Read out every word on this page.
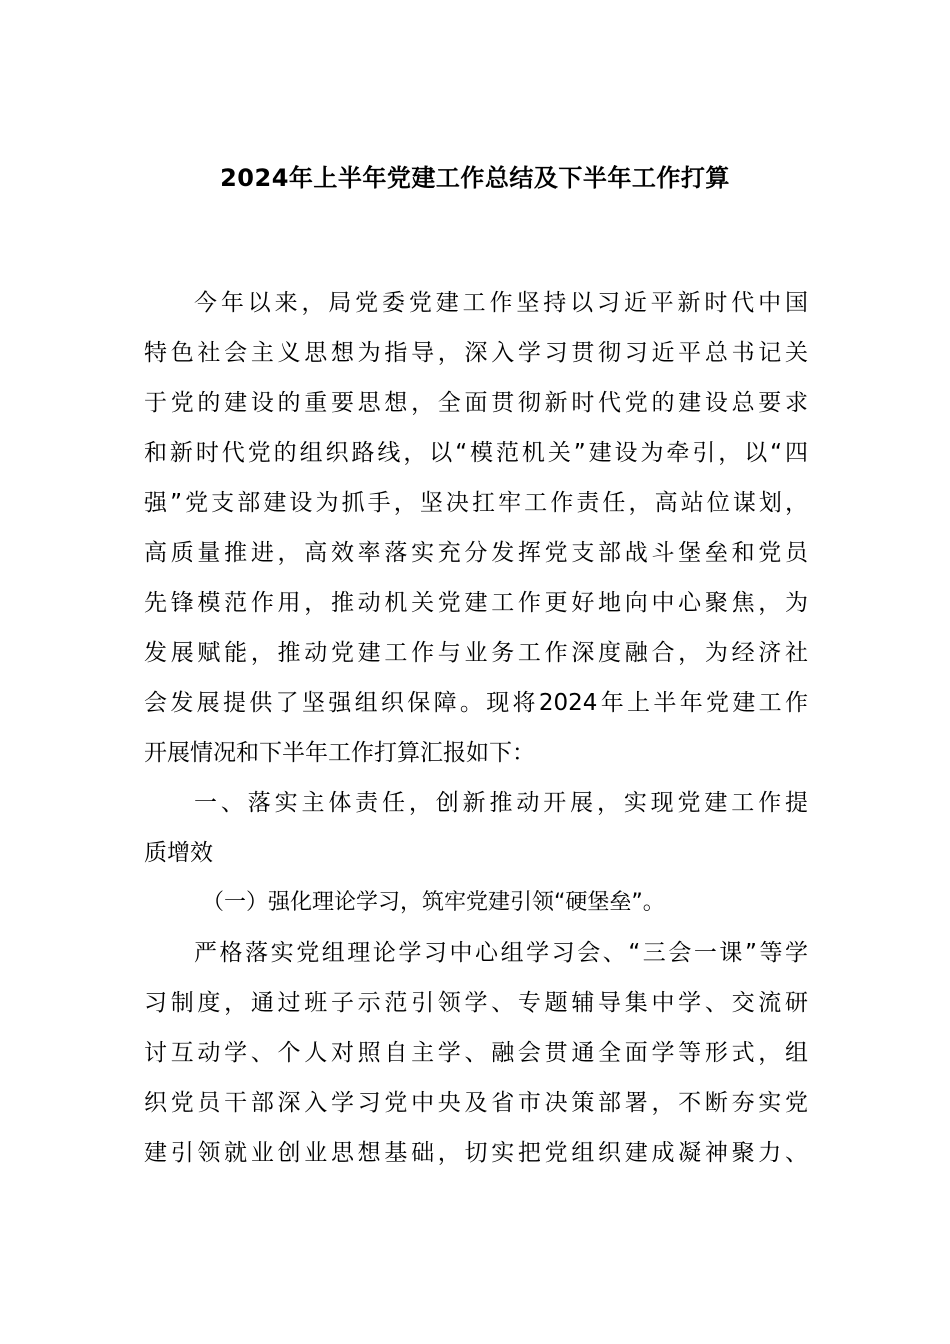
2024年上半年党建工作总结及下半年工作打算
今年以来，局党委党建工作坚持以习近平新时代中国
特色社会主义思想为指导，深入学习贯彻习近平总书记关
于党的建设的重要思想，全面贯彻新时代党的建设总要求
和新时代党的组织路线，以“模范机关”建设为牵引，以“四
强”党支部建设为抓手，坚决扛牢工作责任，高站位谋划，
高质量推进，高效率落实充分发挥党支部战斗堡垒和党员
先锋模范作用，推动机关党建工作更好地向中心聚焦，为
发展赋能，推动党建工作与业务工作深度融合，为经济社
会发展提供了坚强组织保障。现将2024年上半年党建工作
开展情况和下半年工作打算汇报如下：
一、落实主体责任，创新推动开展，实现党建工作提
质增效
（一）强化理论学习，筑牢党建引领“硬堡垒”。
严格落实党组理论学习中心组学习会、“三会一课”等学
习制度，通过班子示范引领学、专题辅导集中学、交流研
讨互动学、个人对照自主学、融会贯通全面学等形式，组
织党员干部深入学习党中央及省市决策部署，不断夯实党
建引领就业创业思想基础，切实把党组织建成凝神聚力、
